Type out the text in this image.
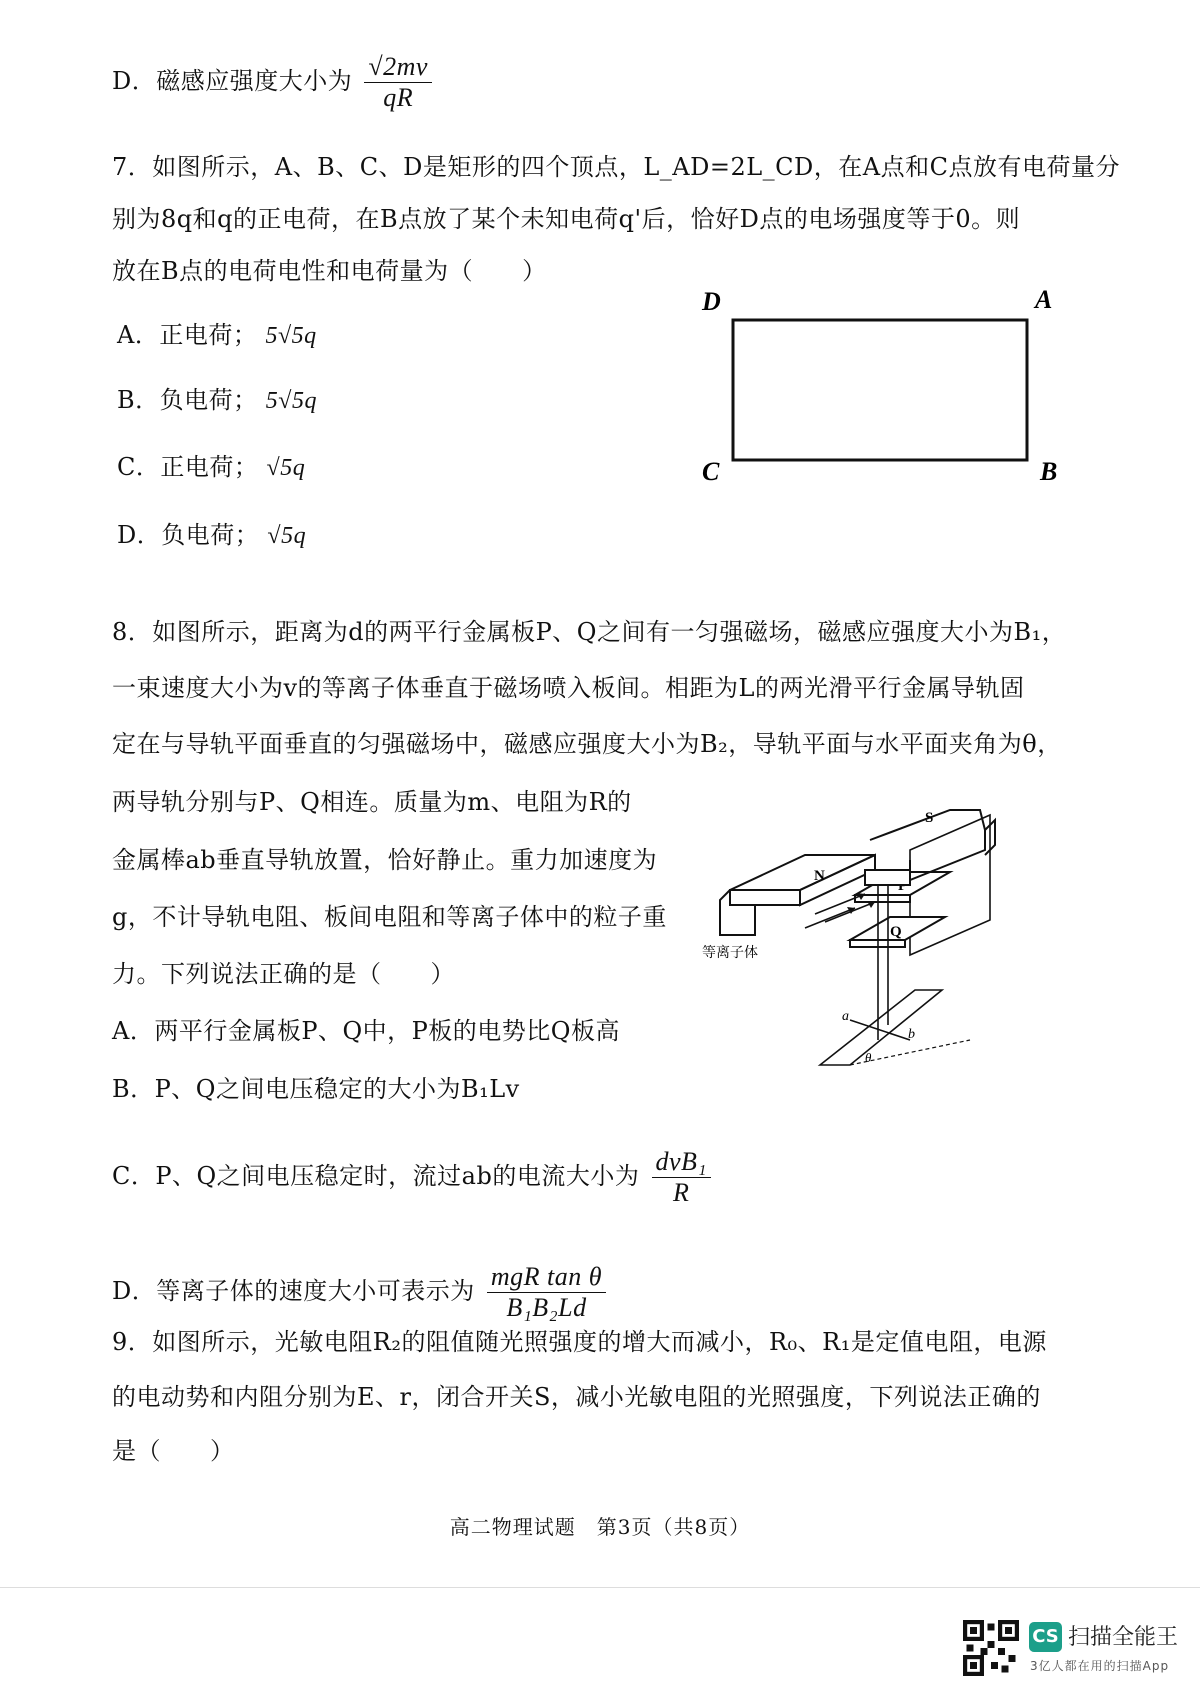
D．磁感应强度大小为 $\frac{√2mv}{qR}$
7．如图所示，A、B、C、D是矩形的四个顶点，L_AD=2L_CD，在A点和C点放有电荷量分
别为8q和q的正电荷，在B点放了某个未知电荷q'后，恰好D点的电场强度等于0。则
放在B点的电荷电性和电荷量为（　　）
A．正电荷； 5√5q
B．负电荷； 5√5q
C．正电荷； √5q
D．负电荷； √5q
D	A
C	B
8．如图所示，距离为d的两平行金属板P、Q之间有一匀强磁场，磁感应强度大小为B₁，
一束速度大小为v的等离子体垂直于磁场喷入板间。相距为L的两光滑平行金属导轨固
定在与导轨平面垂直的匀强磁场中，磁感应强度大小为B₂，导轨平面与水平面夹角为θ，
两导轨分别与P、Q相连。质量为m、电阻为R的
金属棒ab垂直导轨放置，恰好静止。重力加速度为
g，不计导轨电阻、板间电阻和等离子体中的粒子重
力。下列说法正确的是（　　）
A．两平行金属板P、Q中，P板的电势比Q板高
B．P、Q之间电压稳定的大小为B₁Lv
C．P、Q之间电压稳定时，流过ab的电流大小为 $\frac{\text{dvB₁}}{R}$
D．等离子体的速度大小可表示为 $\frac{\text{mgR tan θ}}{\text{B₁B₂Ld}}$
N
Q
等离子体
S
a
b
θ
9．如图所示，光敏电阻R₂的阻值随光照强度的增大而减小，R₀、R₁是定值电阻，电源
的电动势和内阻分别为E、r，闭合开关S，减小光敏电阻的光照强度，下列说法正确的
是（　　）
高二物理试题　第3页（共8页）
CS 扫描全能王
3亿人都在用的扫描App
